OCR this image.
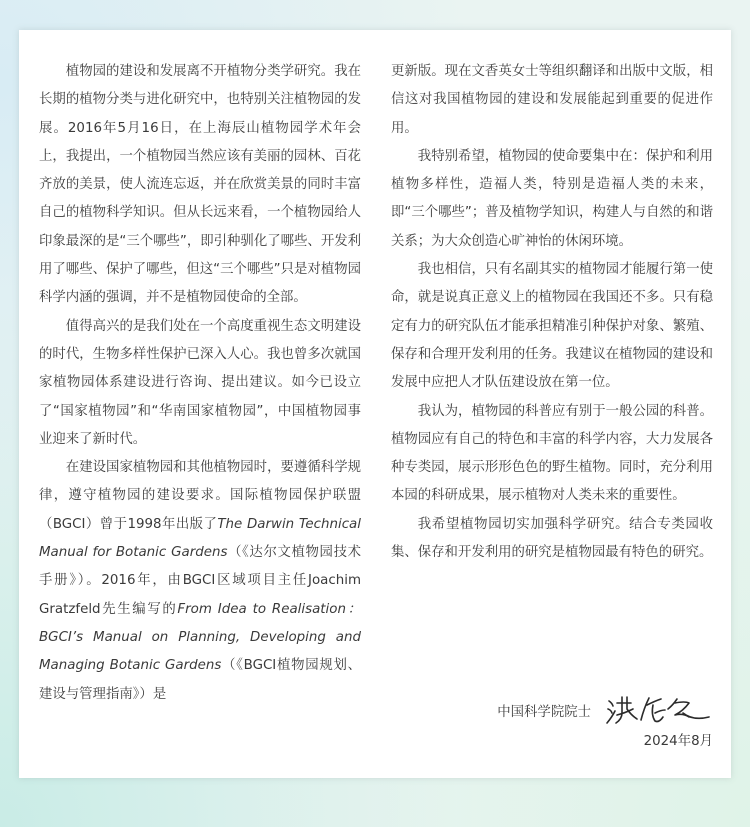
植物园的建设和发展离不开植物分类学研究。我在长期的植物分类与进化研究中，也特别关注植物园的发展。2016年5月16日，在上海辰山植物园学术年会上，我提出，一个植物园当然应该有美丽的园林、百花齐放的美景，使人流连忘返，并在欣赏美景的同时丰富自己的植物科学知识。但从长远来看，一个植物园给人印象最深的是“三个哪些”，即引种驯化了哪些、开发利用了哪些、保护了哪些，但这“三个哪些”只是对植物园科学内涵的强调，并不是植物园使命的全部。

值得高兴的是我们处在一个高度重视生态文明建设的时代，生物多样性保护已深入人心。我也曾多次就国家植物园体系建设进行咨询、提出建议。如今已设立了“国家植物园”和“华南国家植物园”，中国植物园事业迎来了新时代。

在建设国家植物园和其他植物园时，要遵循科学规律，遵守植物园的建设要求。国际植物园保护联盟（BGCI）曾于1998年出版了The Darwin Technical Manual for Botanic Gardens（《达尔文植物园技术手册》）。2016年，由BGCI区域项目主任Joachim Gratzfeld先生编写的From Idea to Realisation：BGCI’s Manual on Planning, Developing and Managing Botanic Gardens（《BGCI植物园规划、建设与管理指南》）是

更新版。现在文香英女士等组织翻译和出版中文版，相信这对我国植物园的建设和发展能起到重要的促进作用。

我特别希望，植物园的使命要集中在：保护和利用植物多样性，造福人类，特别是造福人类的未来，即“三个哪些”；普及植物学知识，构建人与自然的和谐关系；为大众创造心旷神怡的休闲环境。

我也相信，只有名副其实的植物园才能履行第一使命，就是说真正意义上的植物园在我国还不多。只有稳定有力的研究队伍才能承担精准引种保护对象、繁殖、保存和合理开发利用的任务。我建议在植物园的建设和发展中应把人才队伍建设放在第一位。

我认为，植物园的科普应有别于一般公园的科普。植物园应有自己的特色和丰富的科学内容，大力发展各种专类园，展示形形色色的野生植物。同时，充分利用本园的科研成果，展示植物对人类未来的重要性。

我希望植物园切实加强科学研究。结合专类园收集、保存和开发利用的研究是植物园最有特色的研究。

中国科学院院士
2024年8月
